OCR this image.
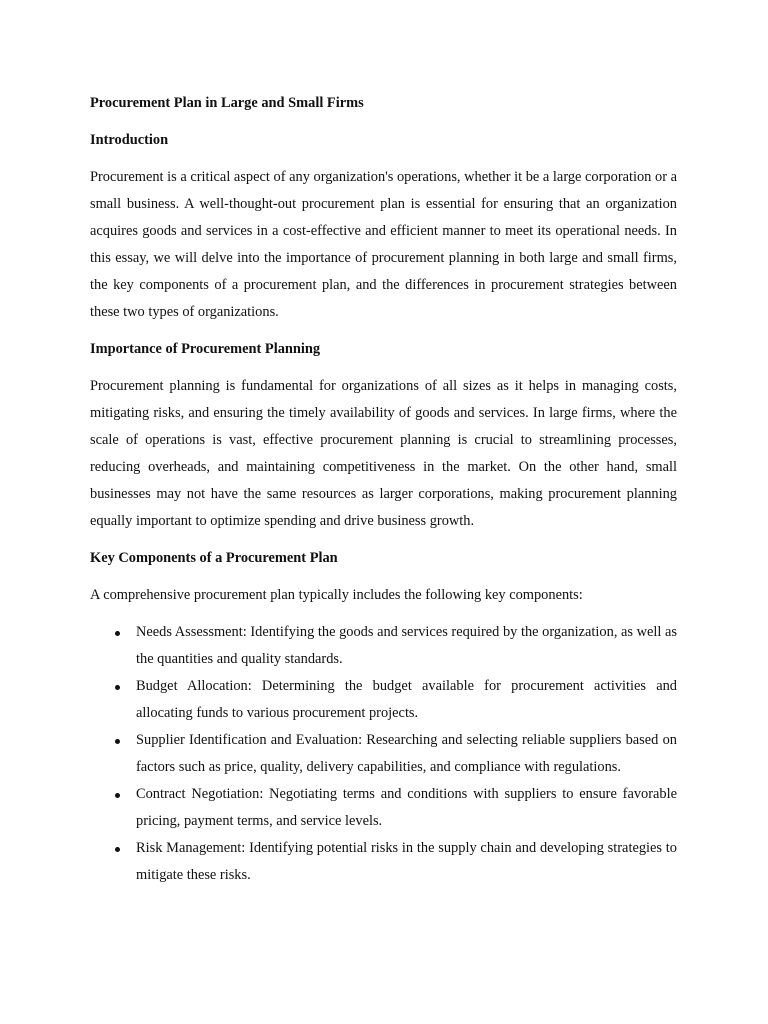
Procurement Plan in Large and Small Firms

Introduction

Procurement is a critical aspect of any organization's operations, whether it be a large corporation or a small business. A well-thought-out procurement plan is essential for ensuring that an organization acquires goods and services in a cost-effective and efficient manner to meet its operational needs. In this essay, we will delve into the importance of procurement planning in both large and small firms, the key components of a procurement plan, and the differences in procurement strategies between these two types of organizations.

Importance of Procurement Planning

Procurement planning is fundamental for organizations of all sizes as it helps in managing costs, mitigating risks, and ensuring the timely availability of goods and services. In large firms, where the scale of operations is vast, effective procurement planning is crucial to streamlining processes, reducing overheads, and maintaining competitiveness in the market. On the other hand, small businesses may not have the same resources as larger corporations, making procurement planning equally important to optimize spending and drive business growth.

Key Components of a Procurement Plan

A comprehensive procurement plan typically includes the following key components:

Needs Assessment: Identifying the goods and services required by the organization, as well as the quantities and quality standards.
Budget Allocation: Determining the budget available for procurement activities and allocating funds to various procurement projects.
Supplier Identification and Evaluation: Researching and selecting reliable suppliers based on factors such as price, quality, delivery capabilities, and compliance with regulations.
Contract Negotiation: Negotiating terms and conditions with suppliers to ensure favorable pricing, payment terms, and service levels.
Risk Management: Identifying potential risks in the supply chain and developing strategies to mitigate these risks.
